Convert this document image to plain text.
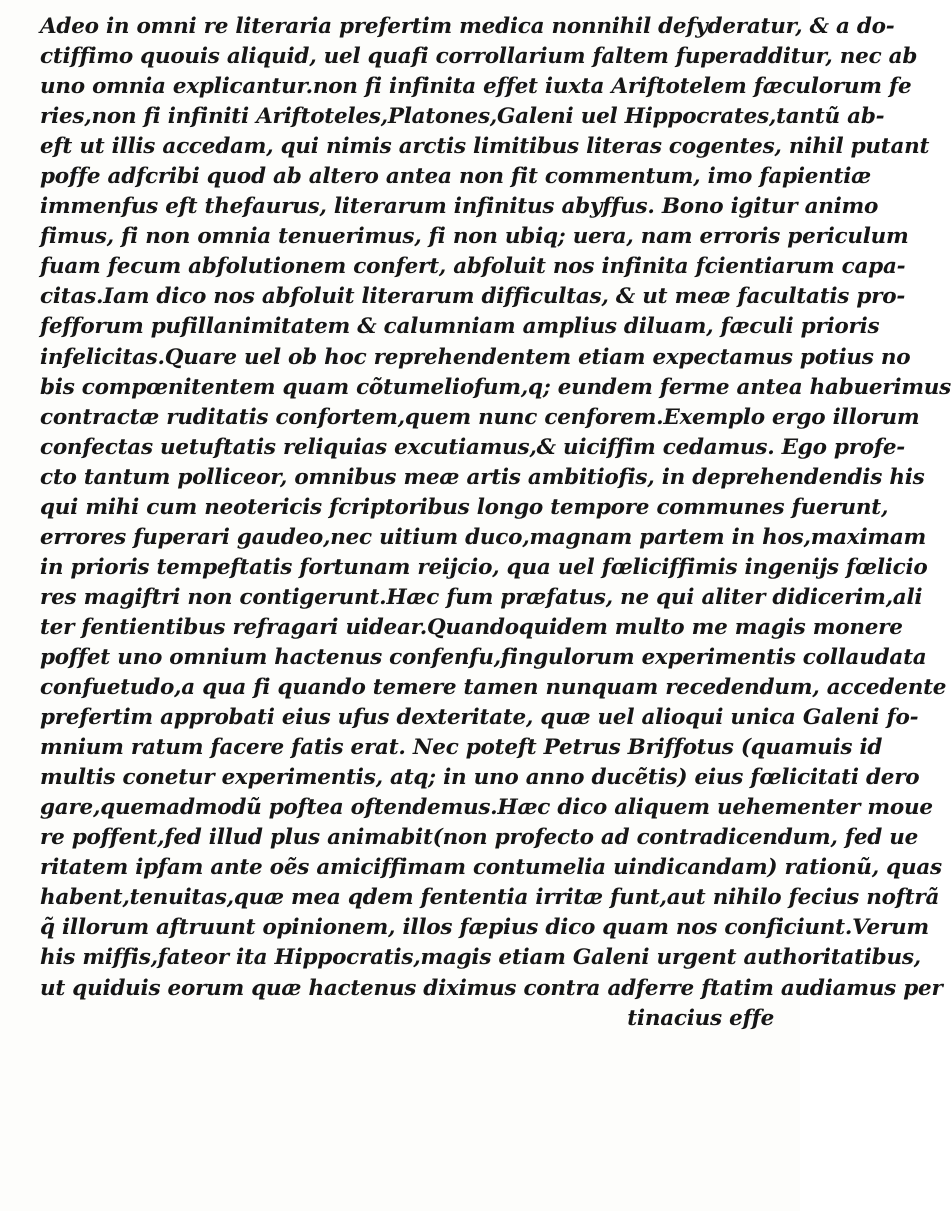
Adeo in omni re literaria prefertim medica nonnihil defyderatur, & a do-
ctiffimo quouis aliquid, uel quafi corrollarium faltem fuperadditur, nec ab
uno omnia explicantur.non fi infinita effet iuxta Ariftotelem fæculorum fe
ries,non fi infiniti Ariftoteles,Platones,Galeni uel Hippocrates,tantũ ab-
eft ut illis accedam, qui nimis arctis limitibus literas cogentes, nihil putant
poffe adfcribi quod ab altero antea non fit commentum, imo fapientiæ
immenfus eft thefaurus, literarum infinitus abyffus. Bono igitur animo
fimus, fi non omnia tenuerimus, fi non ubiq; uera, nam erroris periculum
fuam fecum abfolutionem confert, abfoluit nos infinita fcientiarum capa-
citas.Iam dico nos abfoluit literarum difficultas, & ut meæ facultatis pro-
fefforum pufillanimitatem & calumniam amplius diluam, fæculi prioris
infelicitas.Quare uel ob hoc reprehendentem etiam expectamus potius no
bis compœnitentem quam cõtumeliofum,q; eundem ferme antea habuerimus
contractæ ruditatis confortem,quem nunc cenforem.Exemplo ergo illorum
confectas uetuftatis reliquias excutiamus,& uiciffim cedamus. Ego profe-
cto tantum polliceor, omnibus meæ artis ambitiofis, in deprehendendis his
qui mihi cum neotericis fcriptoribus longo tempore communes fuerunt,
errores fuperari gaudeo,nec uitium duco,magnam partem in hos,maximam
in prioris tempeftatis fortunam reijcio, qua uel fœliciffimis ingenijs fœlicio
res magiftri non contigerunt.Hæc fum præfatus, ne qui aliter didicerim,ali
ter fentientibus refragari uidear.Quandoquidem multo me magis monere
poffet uno omnium hactenus confenfu,fingulorum experimentis collaudata
confuetudo,a qua fi quando temere tamen nunquam recedendum, accedente
prefertim approbati eius ufus dexteritate, quæ uel alioqui unica Galeni fo-
mnium ratum facere fatis erat. Nec poteft Petrus Briffotus (quamuis id
multis conetur experimentis, atq; in uno anno ducẽtis) eius fœlicitati dero
gare,quemadmodũ poftea oftendemus.Hæc dico aliquem uehementer moue
re poffent,fed illud plus animabit(non profecto ad contradicendum, fed ue
ritatem ipfam ante oẽs amiciffimam contumelia uindicandam) rationũ, quas
habent,tenuitas,quæ mea qdem fententia irritæ funt,aut nihilo fecius noftrã
q̃ illorum aftruunt opinionem, illos fæpius dico quam nos conficiunt.Verum
his miffis,fateor ita Hippocratis,magis etiam Galeni urgent authoritatibus,
ut quiduis eorum quæ hactenus diximus contra adferre ftatim audiamus per
tinacius effe
